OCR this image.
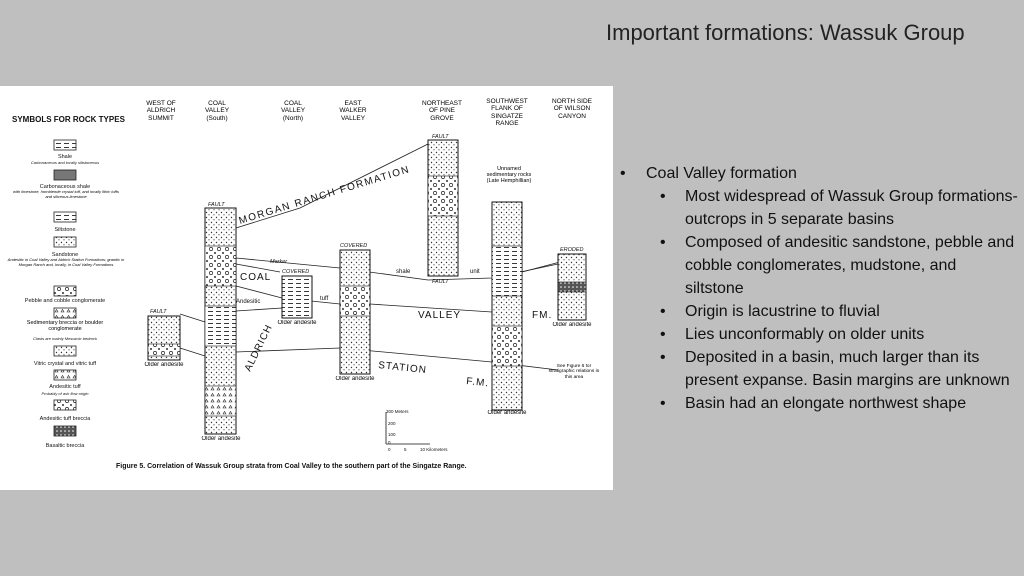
Important formations: Wassuk Group
SYMBOLS FOR ROCK TYPES
Shale
Carbonaceous and locally siltstoneous
Carbonaceous shale
with limestone, hornblende crystal tuff, and locally lithic tuffs and siliceous limestone
Siltstone
Sandstone
Andesitic in Coal Valley and Aldrich Station Formations; granitic in Morgan Ranch and, locally, in Coal Valley Formations
Pebble and cobble conglomerate
Sedimentary breccia or boulder conglomerate
Clasts are mainly Mesozoic bedrock
Vitric crystal and vitric tuff
Andesitic tuff
Probably of ash flow origin
Andesitic tuff breccia
Basaltic breccia
WEST OF ALDRICH SUMMIT
COAL VALLEY (South)
COAL VALLEY (North)
EAST WALKER VALLEY
NORTHEAST OF PINE GROVE
SOUTHWEST FLANK OF SINGATZE RANGE
NORTH SIDE OF WILSON CANYON
MORGAN RANCH FORMATION
COAL
VALLEY	FM.
ALDRICH	STATION
F.M.
FAULT
FAULT
FAULT
FAULT
COVERED
COVERED
ERODED
Marker
Andesitic	tuff
shale	unit
Older andesite
Older andesite
Older andesite
Older andesite
Older andesite
Older andesite
Unnamed sedimentary rocks (Late Hemphillian)
See Figure 6 for stratigraphic relations in this area
300 Meters
200
100
0
0	5	10 Kilometers
Figure 5. Correlation of Wassuk Group strata from Coal Valley to the southern part of the Singatze Range.
• Coal Valley formation
• Most widespread of Wassuk Group formations- outcrops in 5 separate basins
• Composed of andesitic sandstone, pebble and cobble conglomerates, mudstone, and siltstone
• Origin is lacustrine to fluvial
• Lies unconformably on older units
• Deposited in a basin, much larger than its present expanse. Basin margins are unknown
• Basin had an elongate northwest shape
